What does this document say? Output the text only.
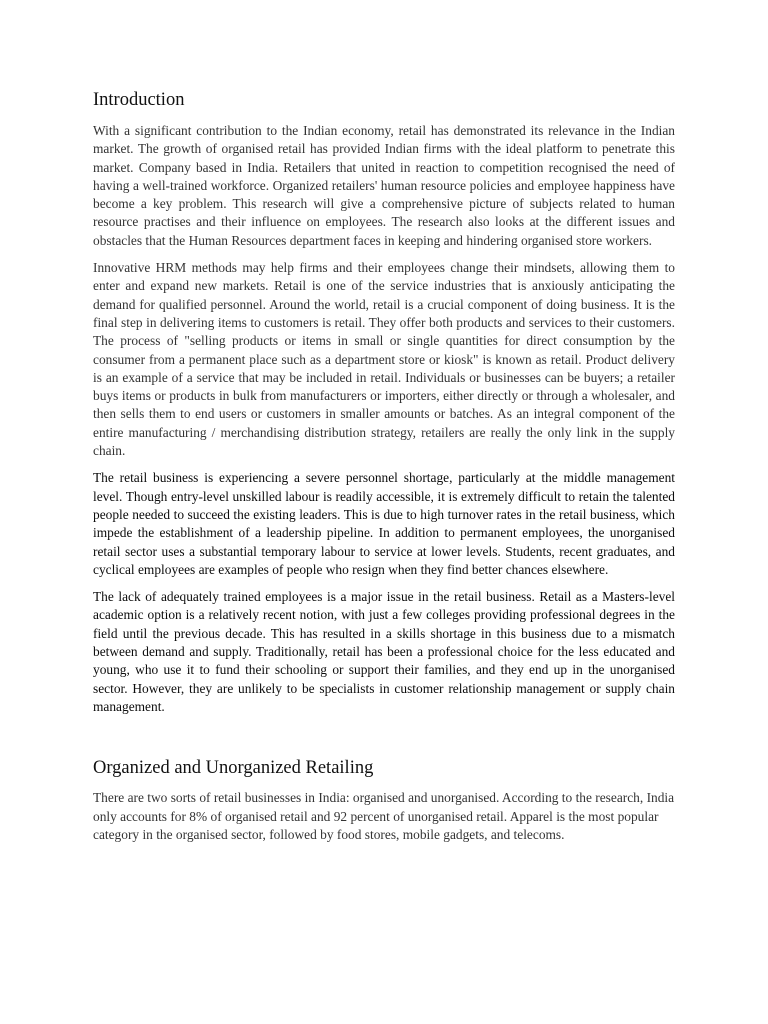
Introduction

With a significant contribution to the Indian economy, retail has demonstrated its relevance in the Indian market. The growth of organised retail has provided Indian firms with the ideal platform to penetrate this market. Company based in India. Retailers that united in reaction to competition recognised the need of having a well-trained workforce. Organized retailers' human resource policies and employee happiness have become a key problem. This research will give a comprehensive picture of subjects related to human resource practises and their influence on employees. The research also looks at the different issues and obstacles that the Human Resources department faces in keeping and hindering organised store workers.

Innovative HRM methods may help firms and their employees change their mindsets, allowing them to enter and expand new markets. Retail is one of the service industries that is anxiously anticipating the demand for qualified personnel. Around the world, retail is a crucial component of doing business. It is the final step in delivering items to customers is retail. They offer both products and services to their customers. The process of "selling products or items in small or single quantities for direct consumption by the consumer from a permanent place such as a department store or kiosk" is known as retail. Product delivery is an example of a service that may be included in retail. Individuals or businesses can be buyers; a retailer buys items or products in bulk from manufacturers or importers, either directly or through a wholesaler, and then sells them to end users or customers in smaller amounts or batches. As an integral component of the entire manufacturing / merchandising distribution strategy, retailers are really the only link in the supply chain.

The retail business is experiencing a severe personnel shortage, particularly at the middle management level. Though entry-level unskilled labour is readily accessible, it is extremely difficult to retain the talented people needed to succeed the existing leaders. This is due to high turnover rates in the retail business, which impede the establishment of a leadership pipeline. In addition to permanent employees, the unorganised retail sector uses a substantial temporary labour to service at lower levels. Students, recent graduates, and cyclical employees are examples of people who resign when they find better chances elsewhere.

The lack of adequately trained employees is a major issue in the retail business. Retail as a Masters-level academic option is a relatively recent notion, with just a few colleges providing professional degrees in the field until the previous decade. This has resulted in a skills shortage in this business due to a mismatch between demand and supply. Traditionally, retail has been a professional choice for the less educated and young, who use it to fund their schooling or support their families, and they end up in the unorganised sector. However, they are unlikely to be specialists in customer relationship management or supply chain management.

Organized and Unorganized Retailing

There are two sorts of retail businesses in India: organised and unorganised. According to the research, India only accounts for 8% of organised retail and 92 percent of unorganised retail. Apparel is the most popular category in the organised sector, followed by food stores, mobile gadgets, and telecoms.
